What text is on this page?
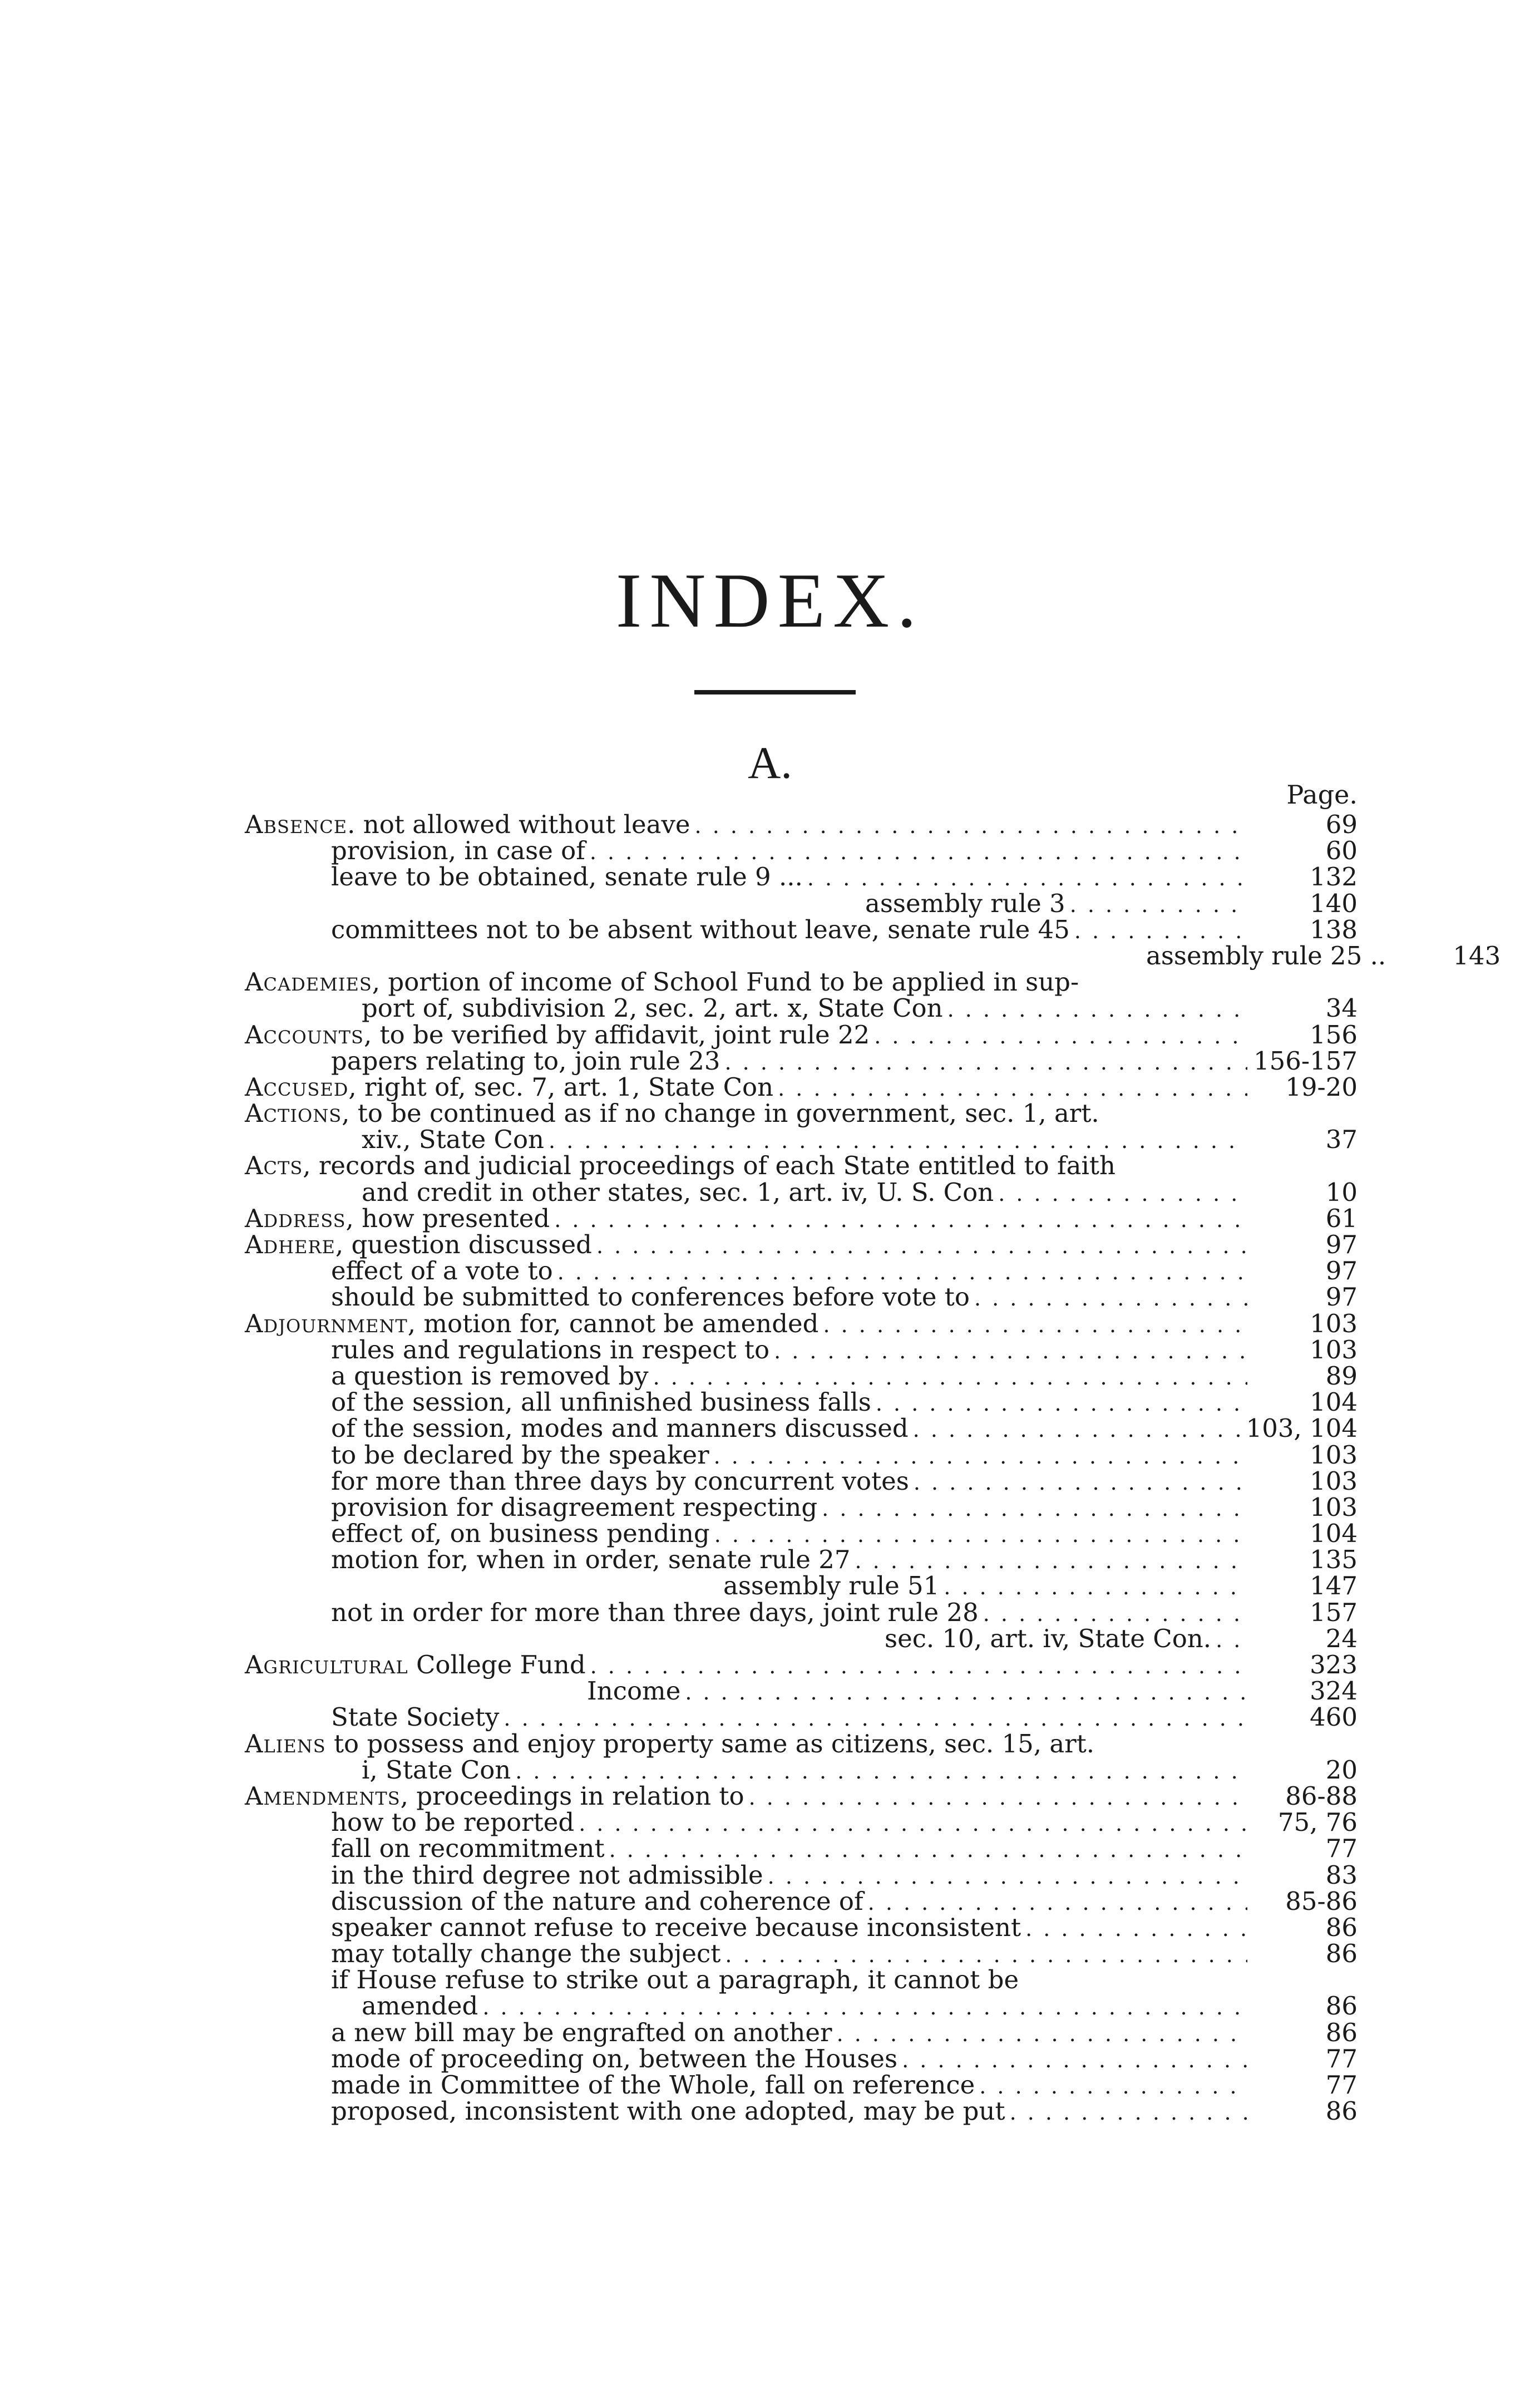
INDEX.
A.
Page.
Absence. not allowed without leave . . .	69
provision, in case of . . .	60
leave to be obtained, senate rule 9 ... . . .	132
assembly rule 3 . . .	140
committees not to be absent without leave, senate rule 45 . . .	138
assembly rule 25 ..	143
Academies, portion of income of School Fund to be applied in sup-
port of, subdivision 2, sec. 2, art. x, State Con . . .	34
Accounts, to be verified by affidavit, joint rule 22 . . .	156
papers relating to, join rule 23 . . .	156-157
Accused, right of, sec. 7, art. 1, State Con . . .	19-20
Actions, to be continued as if no change in government, sec. 1, art.
xiv., State Con . . .	37
Acts, records and judicial proceedings of each State entitled to faith
and credit in other states, sec. 1, art. iv, U. S. Con . . .	10
Address, how presented . . .	61
Adhere, question discussed . . .	97
effect of a vote to . . .	97
should be submitted to conferences before vote to . . .	97
Adjournment, motion for, cannot be amended . . .	103
rules and regulations in respect to . . .	103
a question is removed by . . .	89
of the session, all unfinished business falls . . .	104
of the session, modes and manners discussed . . .	103, 104
to be declared by the speaker . . .	103
for more than three days by concurrent votes . . .	103
provision for disagreement respecting . . .	103
effect of, on business pending . . .	104
motion for, when in order, senate rule 27 . . .	135
assembly rule 51 . . .	147
not in order for more than three days, joint rule 28 . . .	157
sec. 10, art. iv, State Con. . . .	24
Agricultural College Fund . . .	323
Income . . .	324
State Society . . .	460
Aliens to possess and enjoy property same as citizens, sec. 15, art.
i, State Con . . .	20
Amendments, proceedings in relation to . . .	86-88
how to be reported . . .	75, 76
fall on recommitment . . .	77
in the third degree not admissible . . .	83
discussion of the nature and coherence of . . .	85-86
speaker cannot refuse to receive because inconsistent . . .	86
may totally change the subject . . .	86
if House refuse to strike out a paragraph, it cannot be
amended . . .	86
a new bill may be engrafted on another . . .	86
mode of proceeding on, between the Houses . . .	77
made in Committee of the Whole, fall on reference . . .	77
proposed, inconsistent with one adopted, may be put . . .	86
